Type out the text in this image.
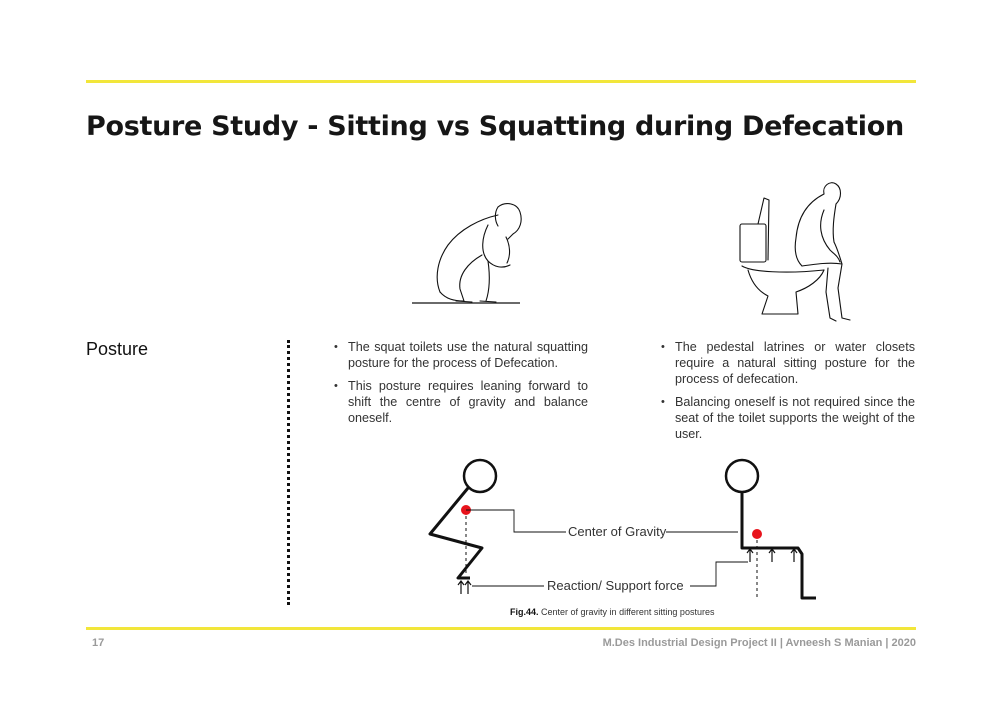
Posture Study - Sitting vs Squatting during Defecation
Posture
•	The squat toilets use the natural squatting posture for the process of Defecation.
• This posture requires leaning forward to shift the centre of gravity and balance oneself.
• The pedestal latrines or water closets require a natural sitting posture for the process of defecation.
• Balancing oneself is not required since the seat of the toilet supports the weight of the user.
Center of Gravity
Reaction/ Support force
Fig.44. Center of gravity in different sitting postures
17	M.Des Industrial Design Project II | Avneesh S Manian | 2020
